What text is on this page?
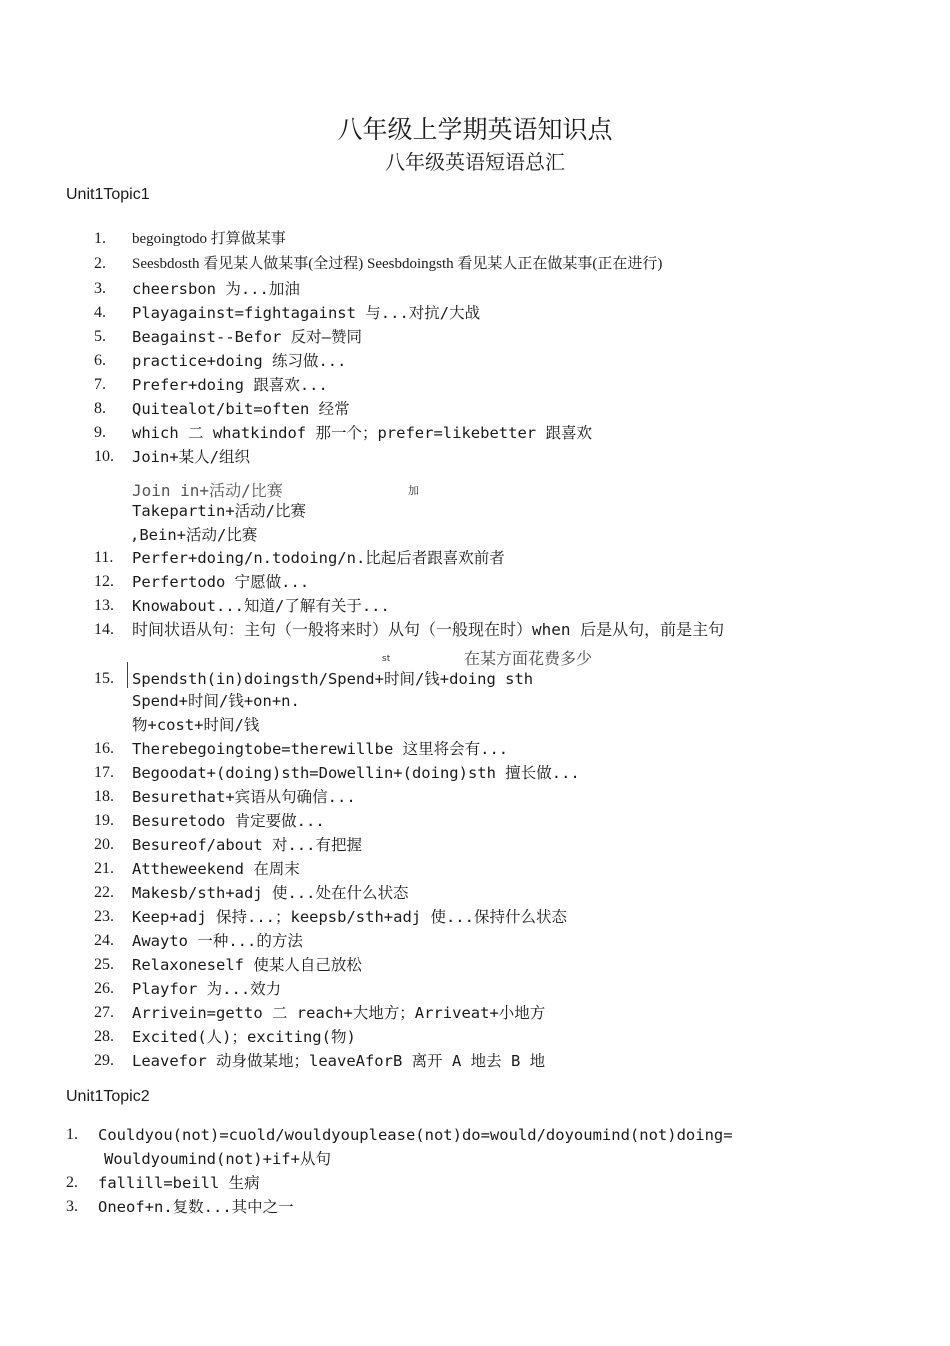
八年级上学期英语知识点
八年级英语短语总汇
Unit1Topic1
1.	begoingtodo 打算做某事
2.	Seesbdosth 看见某人做某事(全过程) Seesbdoingsth 看见某人正在做某事(正在进行)
3.	cheersbon 为...加油
4.	Playagainst=fightagainst 与...对抗/大战
5.	Beagainst--Befor 反对—赞同
6.	practice+doing 练习做...
7.	Prefer+doing 跟喜欢...
8.	Quitealot/bit=often 经常
9.	which 二 whatkindof 那一个；prefer=likebetter 跟喜欢
10.	Join+某人/组织
Join in+活动/比赛	加
Takepartin+活动/比赛
,Bein+活动/比赛
11.	Perfer+doing/n.todoing/n.比起后者跟喜欢前者
12.	Perfertodo 宁愿做...
13.	Knowabout...知道/了解有关于...
14.	时间状语从句：主句（一般将来时）从句（一般现在时）when 后是从句，前是主句
在某方面花费多少
st
15.	Spendsth(in)doingsth/Spend+时间/钱+doing sth
Spend+时间/钱+on+n.
物+cost+时间/钱
16.	Therebegoingtobe=therewillbe 这里将会有...
17.	Begoodat+(doing)sth=Dowellin+(doing)sth 擅长做...
18.	Besurethat+宾语从句确信...
19.	Besuretodo 肯定要做...
20.	Besureof/about 对...有把握
21.	Attheweekend 在周末
22.	Makesb/sth+adj 使...处在什么状态
23.	Keep+adj 保持...；keepsb/sth+adj 使...保持什么状态
24.	Awayto 一种...的方法
25.	Relaxoneself 使某人自己放松
26.	Playfor 为...效力
27.	Arrivein=getto 二 reach+大地方；Arriveat+小地方
28.	Excited(人)；exciting(物)
29.	Leavefor 动身做某地；leaveAforB 离开 A 地去 B 地
Unit1Topic2
1.	Couldyou(not)=cuold/wouldyouplease(not)do=would/doyoumind(not)doing=
Wouldyoumind(not)+if+从句
2.	fallill=beill 生病
3.	Oneof+n.复数...其中之一
